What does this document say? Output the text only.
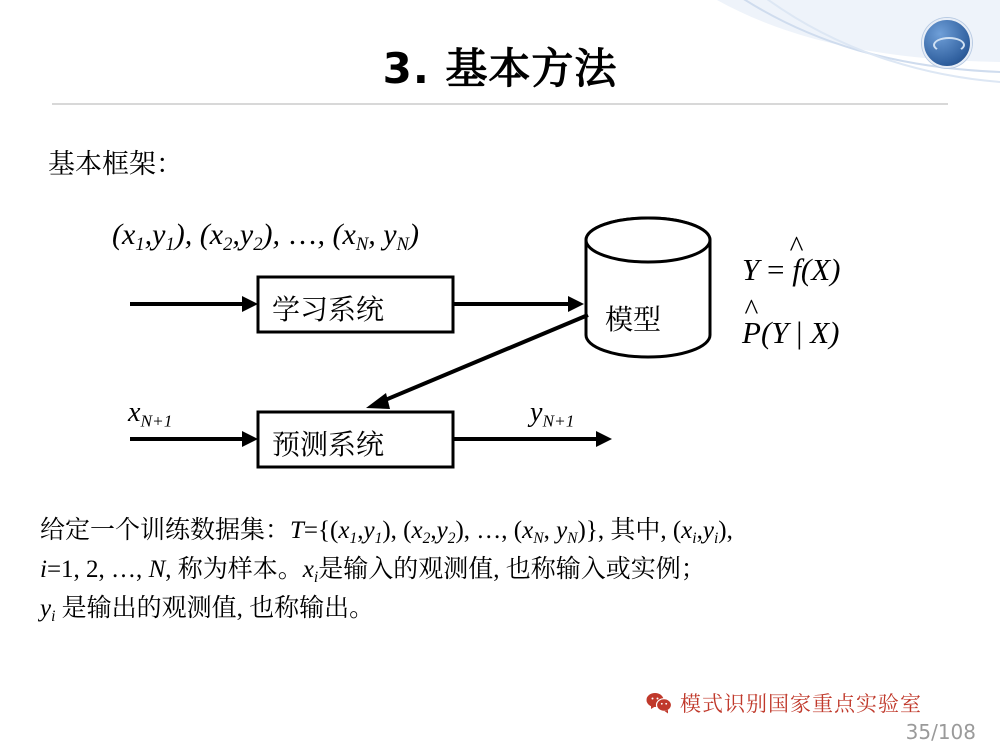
3. 基本方法
基本框架：
$(x_1,y_1)$, $(x_2,y_2)$, …, ($x_N$, $y_N$)
学习系统
预测系统
模型
Y = ^ f(X)
^ P(Y | X)
$x_{N+1}$	$y_{N+1}$
给定一个训练数据集：$T=\{(x_1,y_1)$, $(x_2,y_2)$, …, ($x_N$, $y_N$)}, 其中, $(x_i,y_i)$,
i=1, 2, …, N, 称为样本。$x_i$是输入的观测值, 也称输入或实例；
$y_i$ 是输出的观测值, 也称输出。
模式识别国家重点实验室
35/108
